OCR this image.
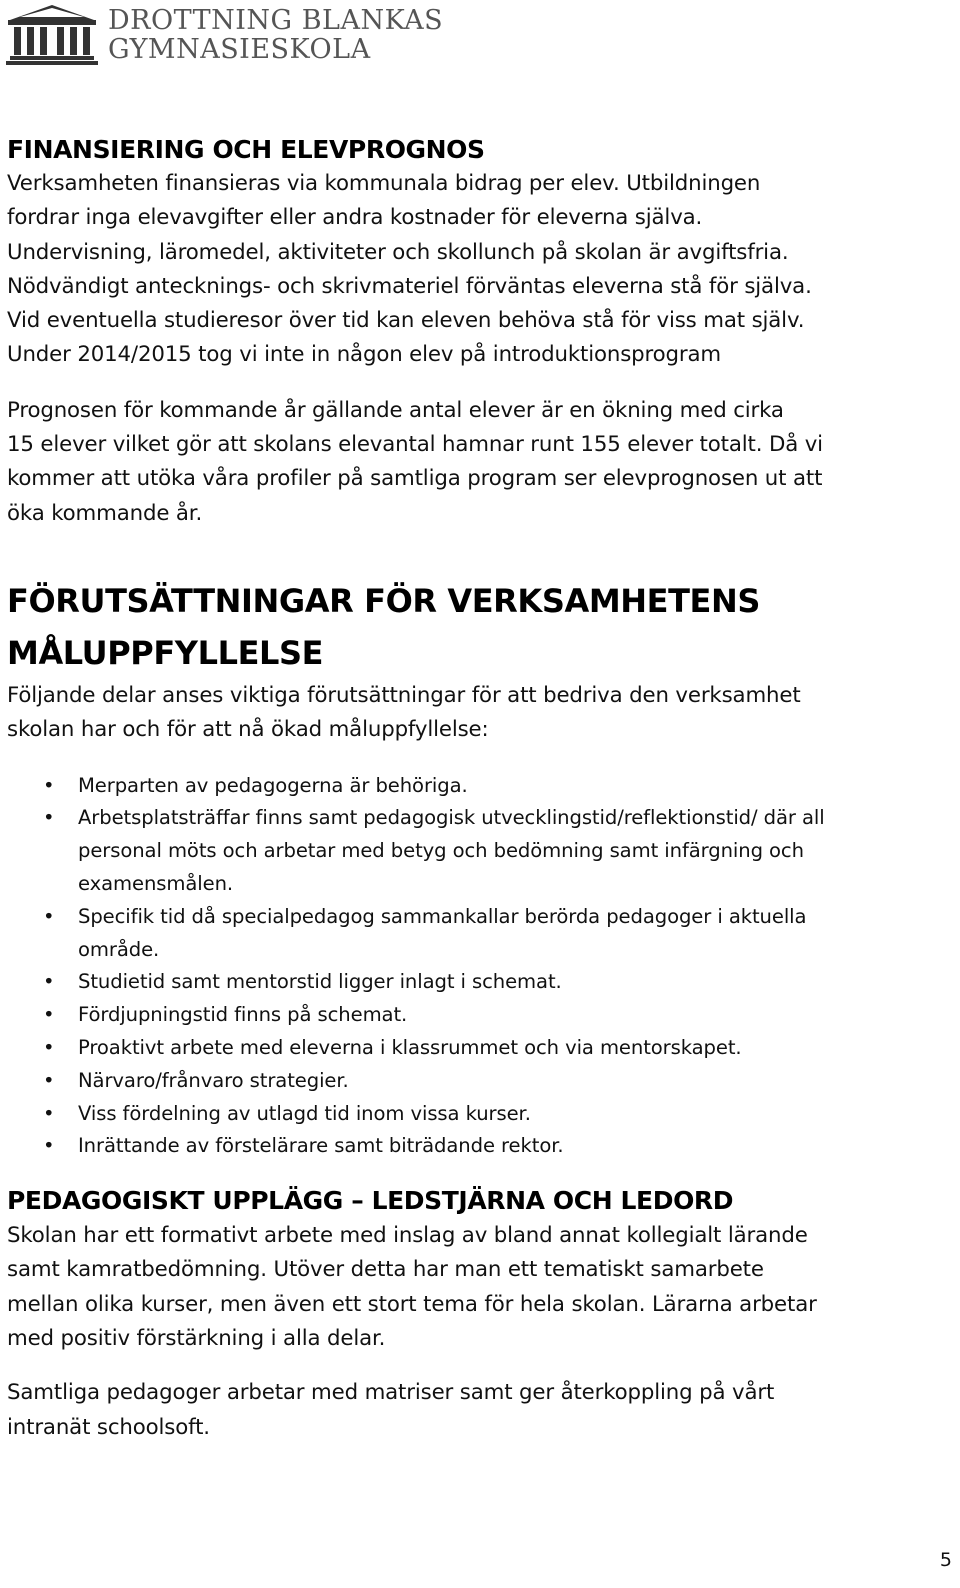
DROTTNING BLANKAS
GYMNASIESKOLA
FINANSIERING OCH ELEVPROGNOS

Verksamheten finansieras via kommunala bidrag per elev. Utbildningen
fordrar inga elevavgifter eller andra kostnader för eleverna själva.
Undervisning, läromedel, aktiviteter och skollunch på skolan är avgiftsfria.
Nödvändigt antecknings- och skrivmateriel förväntas eleverna stå för själva.
Vid eventuella studieresor över tid kan eleven behöva stå för viss mat själv.
Under 2014/2015 tog vi inte in någon elev på introduktionsprogram

Prognosen för kommande år gällande antal elever är en ökning med cirka
15 elever vilket gör att skolans elevantal hamnar runt 155 elever totalt. Då vi
kommer att utöka våra profiler på samtliga program ser elevprognosen ut att
öka kommande år.

FÖRUTSÄTTNINGAR FÖR VERKSAMHETENS
MÅLUPPFYLLELSE

Följande delar anses viktiga förutsättningar för att bedriva den verksamhet
skolan har och för att nå ökad måluppfyllelse:

• Merparten av pedagogerna är behöriga.
• Arbetsplatsträffar finns samt pedagogisk utvecklingstid/reflektionstid/ där all
personal möts och arbetar med betyg och bedömning samt infärgning och
examensmålen.
• Specifik tid då specialpedagog sammankallar berörda pedagoger i aktuella
område.
• Studietid samt mentorstid ligger inlagt i schemat.
• Fördjupningstid finns på schemat.
• Proaktivt arbete med eleverna i klassrummet och via mentorskapet.
• Närvaro/frånvaro strategier.
• Viss fördelning av utlagd tid inom vissa kurser.
• Inrättande av förstelärare samt biträdande rektor.
PEDAGOGISKT UPPLÄGG – LEDSTJÄRNA OCH LEDORD

Skolan har ett formativt arbete med inslag av bland annat kollegialt lärande
samt kamratbedömning. Utöver detta har man ett tematiskt samarbete
mellan olika kurser, men även ett stort tema för hela skolan. Lärarna arbetar
med positiv förstärkning i alla delar.

Samtliga pedagoger arbetar med matriser samt ger återkoppling på vårt
intranät schoolsoft.

5
